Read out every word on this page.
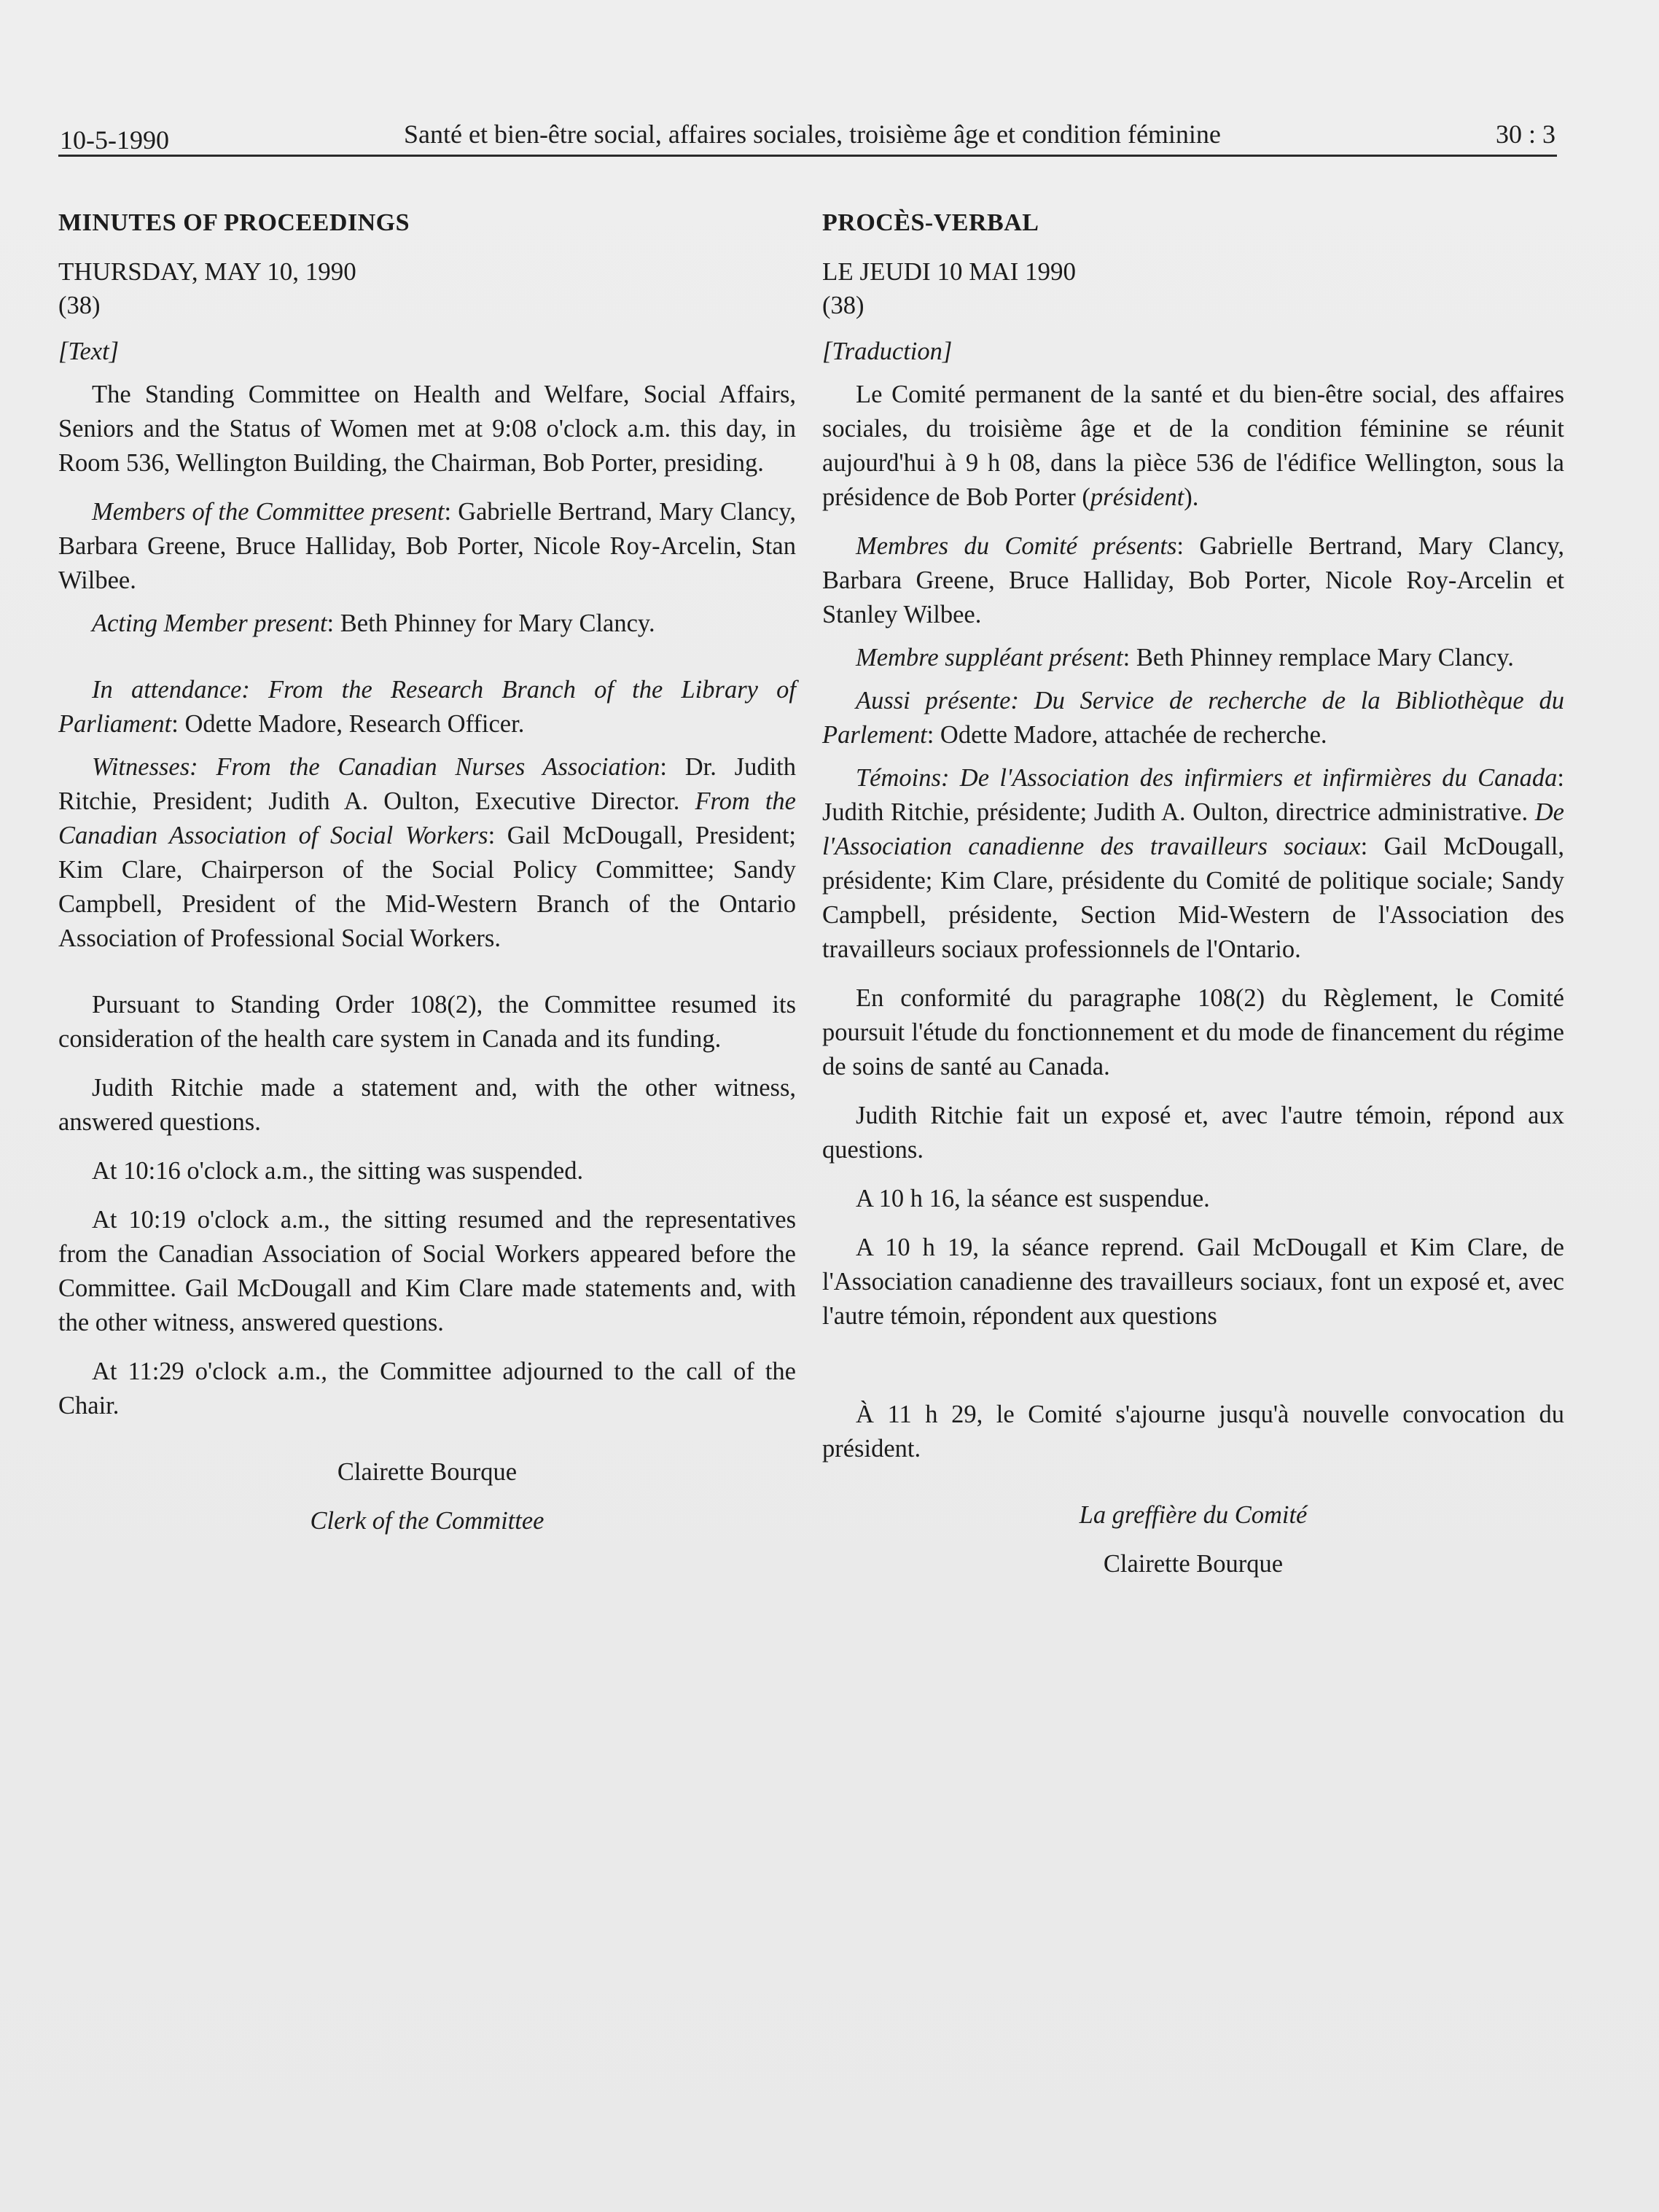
10-5-1990	Santé et bien-être social, affaires sociales, troisième âge et condition féminine	30 : 3

MINUTES OF PROCEEDINGS

THURSDAY, MAY 10, 1990

(38)

[Text]

The Standing Committee on Health and Welfare, Social Affairs, Seniors and the Status of Women met at 9:08 o'clock a.m. this day, in Room 536, Wellington Building, the Chairman, Bob Porter, presiding.

Members of the Committee present: Gabrielle Bertrand, Mary Clancy, Barbara Greene, Bruce Halliday, Bob Porter, Nicole Roy-Arcelin, Stan Wilbee.

Acting Member present: Beth Phinney for Mary Clancy.

In attendance: From the Research Branch of the Library of Parliament: Odette Madore, Research Officer.

Witnesses: From the Canadian Nurses Association: Dr. Judith Ritchie, President; Judith A. Oulton, Executive Director. From the Canadian Association of Social Workers: Gail McDougall, President; Kim Clare, Chairperson of the Social Policy Committee; Sandy Campbell, President of the Mid-Western Branch of the Ontario Association of Professional Social Workers.

Pursuant to Standing Order 108(2), the Committee resumed its consideration of the health care system in Canada and its funding.

Judith Ritchie made a statement and, with the other witness, answered questions.

At 10:16 o'clock a.m., the sitting was suspended.

At 10:19 o'clock a.m., the sitting resumed and the representatives from the Canadian Association of Social Workers appeared before the Committee. Gail McDougall and Kim Clare made statements and, with the other witness, answered questions.

At 11:29 o'clock a.m., the Committee adjourned to the call of the Chair.

Clairette Bourque

Clerk of the Committee

PROCÈS-VERBAL

LE JEUDI 10 MAI 1990

(38)

[Traduction]

Le Comité permanent de la santé et du bien-être social, des affaires sociales, du troisième âge et de la condition féminine se réunit aujourd'hui à 9 h 08, dans la pièce 536 de l'édifice Wellington, sous la présidence de Bob Porter (président).

Membres du Comité présents: Gabrielle Bertrand, Mary Clancy, Barbara Greene, Bruce Halliday, Bob Porter, Nicole Roy-Arcelin et Stanley Wilbee.

Membre suppléant présent: Beth Phinney remplace Mary Clancy.

Aussi présente: Du Service de recherche de la Bibliothèque du Parlement: Odette Madore, attachée de recherche.

Témoins: De l'Association des infirmiers et infirmières du Canada: Judith Ritchie, présidente; Judith A. Oulton, directrice administrative. De l'Association canadienne des travailleurs sociaux: Gail McDougall, présidente; Kim Clare, présidente du Comité de politique sociale; Sandy Campbell, présidente, Section Mid-Western de l'Association des travailleurs sociaux professionnels de l'Ontario.

En conformité du paragraphe 108(2) du Règlement, le Comité poursuit l'étude du fonctionnement et du mode de financement du régime de soins de santé au Canada.

Judith Ritchie fait un exposé et, avec l'autre témoin, répond aux questions.

A 10 h 16, la séance est suspendue.

A 10 h 19, la séance reprend. Gail McDougall et Kim Clare, de l'Association canadienne des travailleurs sociaux, font un exposé et, avec l'autre témoin, répondent aux questions

À 11 h 29, le Comité s'ajourne jusqu'à nouvelle convocation du président.

La greffière du Comité

Clairette Bourque
